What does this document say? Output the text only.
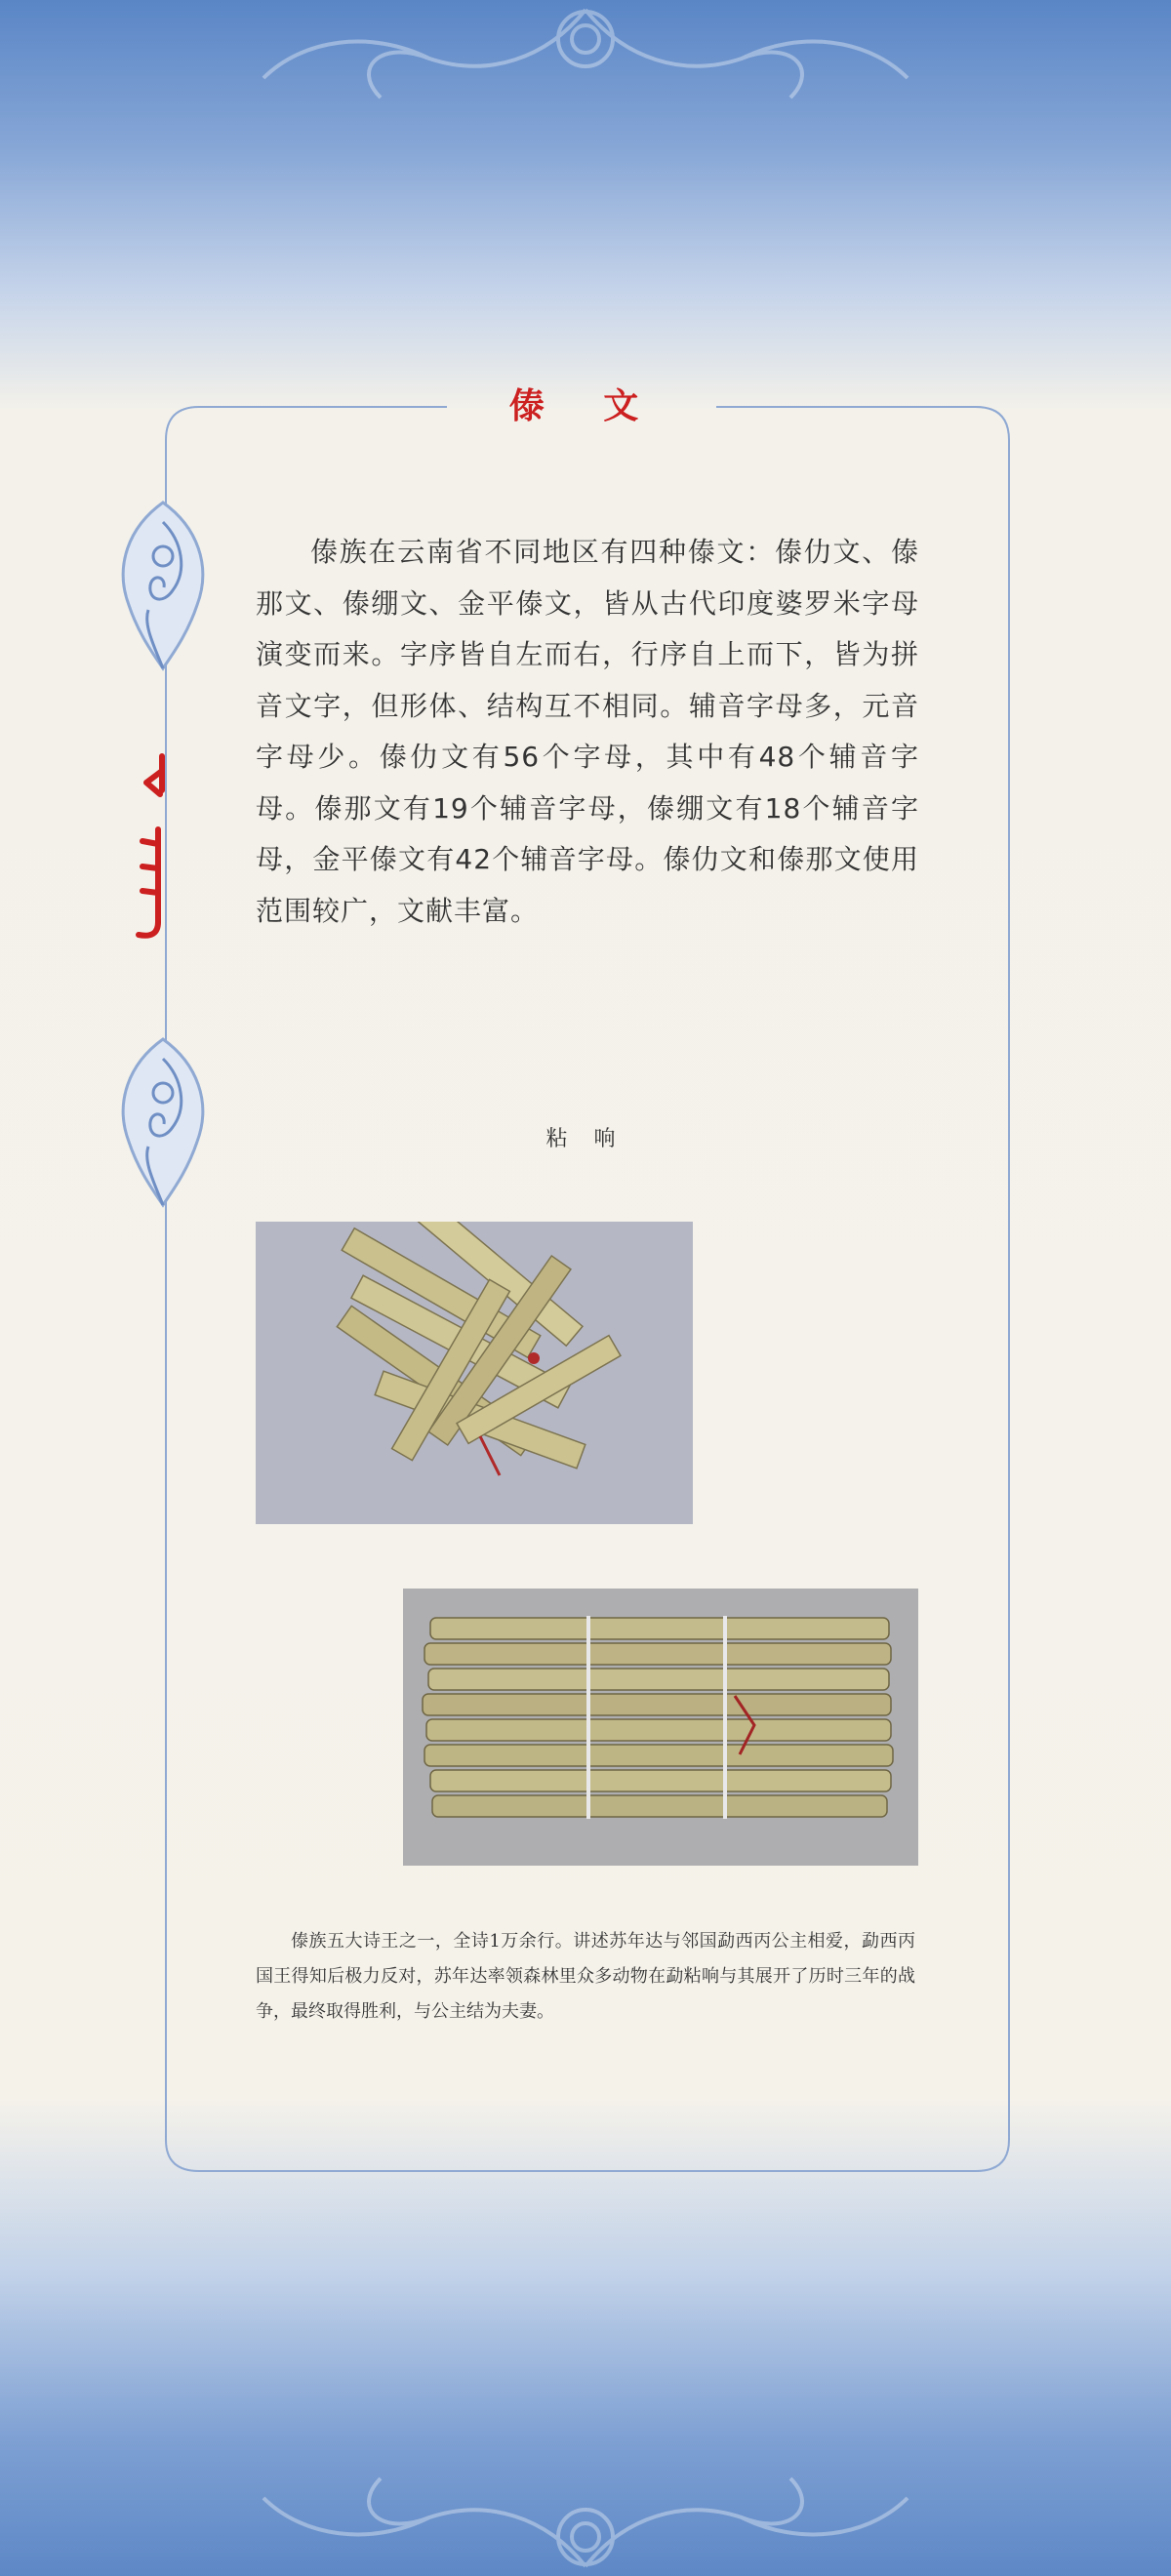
傣 文
傣族在云南省不同地区有四种傣文：傣仂文、傣那文、傣绷文、金平傣文，皆从古代印度婆罗米字母演变而来。字序皆自左而右，行序自上而下，皆为拼音文字，但形体、结构互不相同。辅音字母多，元音字母少。傣仂文有56个字母，其中有48个辅音字母。傣那文有19个辅音字母，傣绷文有18个辅音字母，金平傣文有42个辅音字母。傣仂文和傣那文使用范围较广，文献丰富。
粘 响
傣族五大诗王之一，全诗1万余行。讲述苏年达与邻国勐西丙公主相爱，勐西丙国王得知后极力反对，苏年达率领森林里众多动物在勐粘响与其展开了历时三年的战争，最终取得胜利，与公主结为夫妻。
